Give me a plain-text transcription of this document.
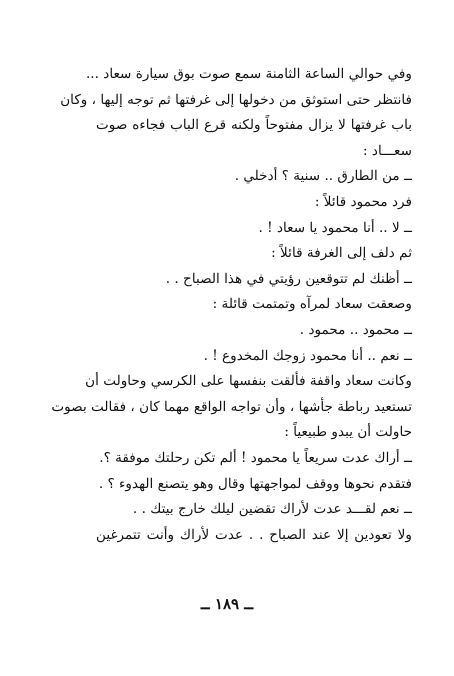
وفي حوالي الساعة الثامنة سمع صوت بوق سيارة سعاد ...
فانتظر حتى استوثق من دخولها إلى غرفتها ثم توجه إليها ، وكان
باب غرفتها لا يزال مفتوحاً ولكنه قرع الباب فجاءه صوت
سعـــاد :
ــ من الطارق .. سنية ؟ أدخلي .
فرد محمود قائلاً :
ــ لا .. أنا محمود يا سعاد ! .
ثم دلف إلى الغرفة قائلاً :
ــ أظنك لم تتوقعين رؤيتي في هذا الصباح . .
وصعقت سعاد لمرآه وتمتمت قائلة :
ــ محمود .. محمود .
ــ نعم .. أنا محمود زوجك المخدوع ! .
وكانت سعاد واقفة فألقت بنفسها على الكرسي وحاولت أن
تستعيد رباطة جأشها ، وأن تواجه الواقع مهما كان ، فقالت بصوت
حاولت أن يبدو طبيعياً :
ــ أراك عدت سريعاً يا محمود ! ألم تكن رحلتك موفقة ؟.
فتقدم نحوها ووقف لمواجهتها وقال وهو يتصنع الهدوء ؟ .
ــ نعم لقـــد عدت لأراك تقضين ليلك خارج بيتك . .
ولا تعودين إلا عند الصباح . . عدت لأراك وأنت تتمرغين
ــ ١٨٩ ــ
